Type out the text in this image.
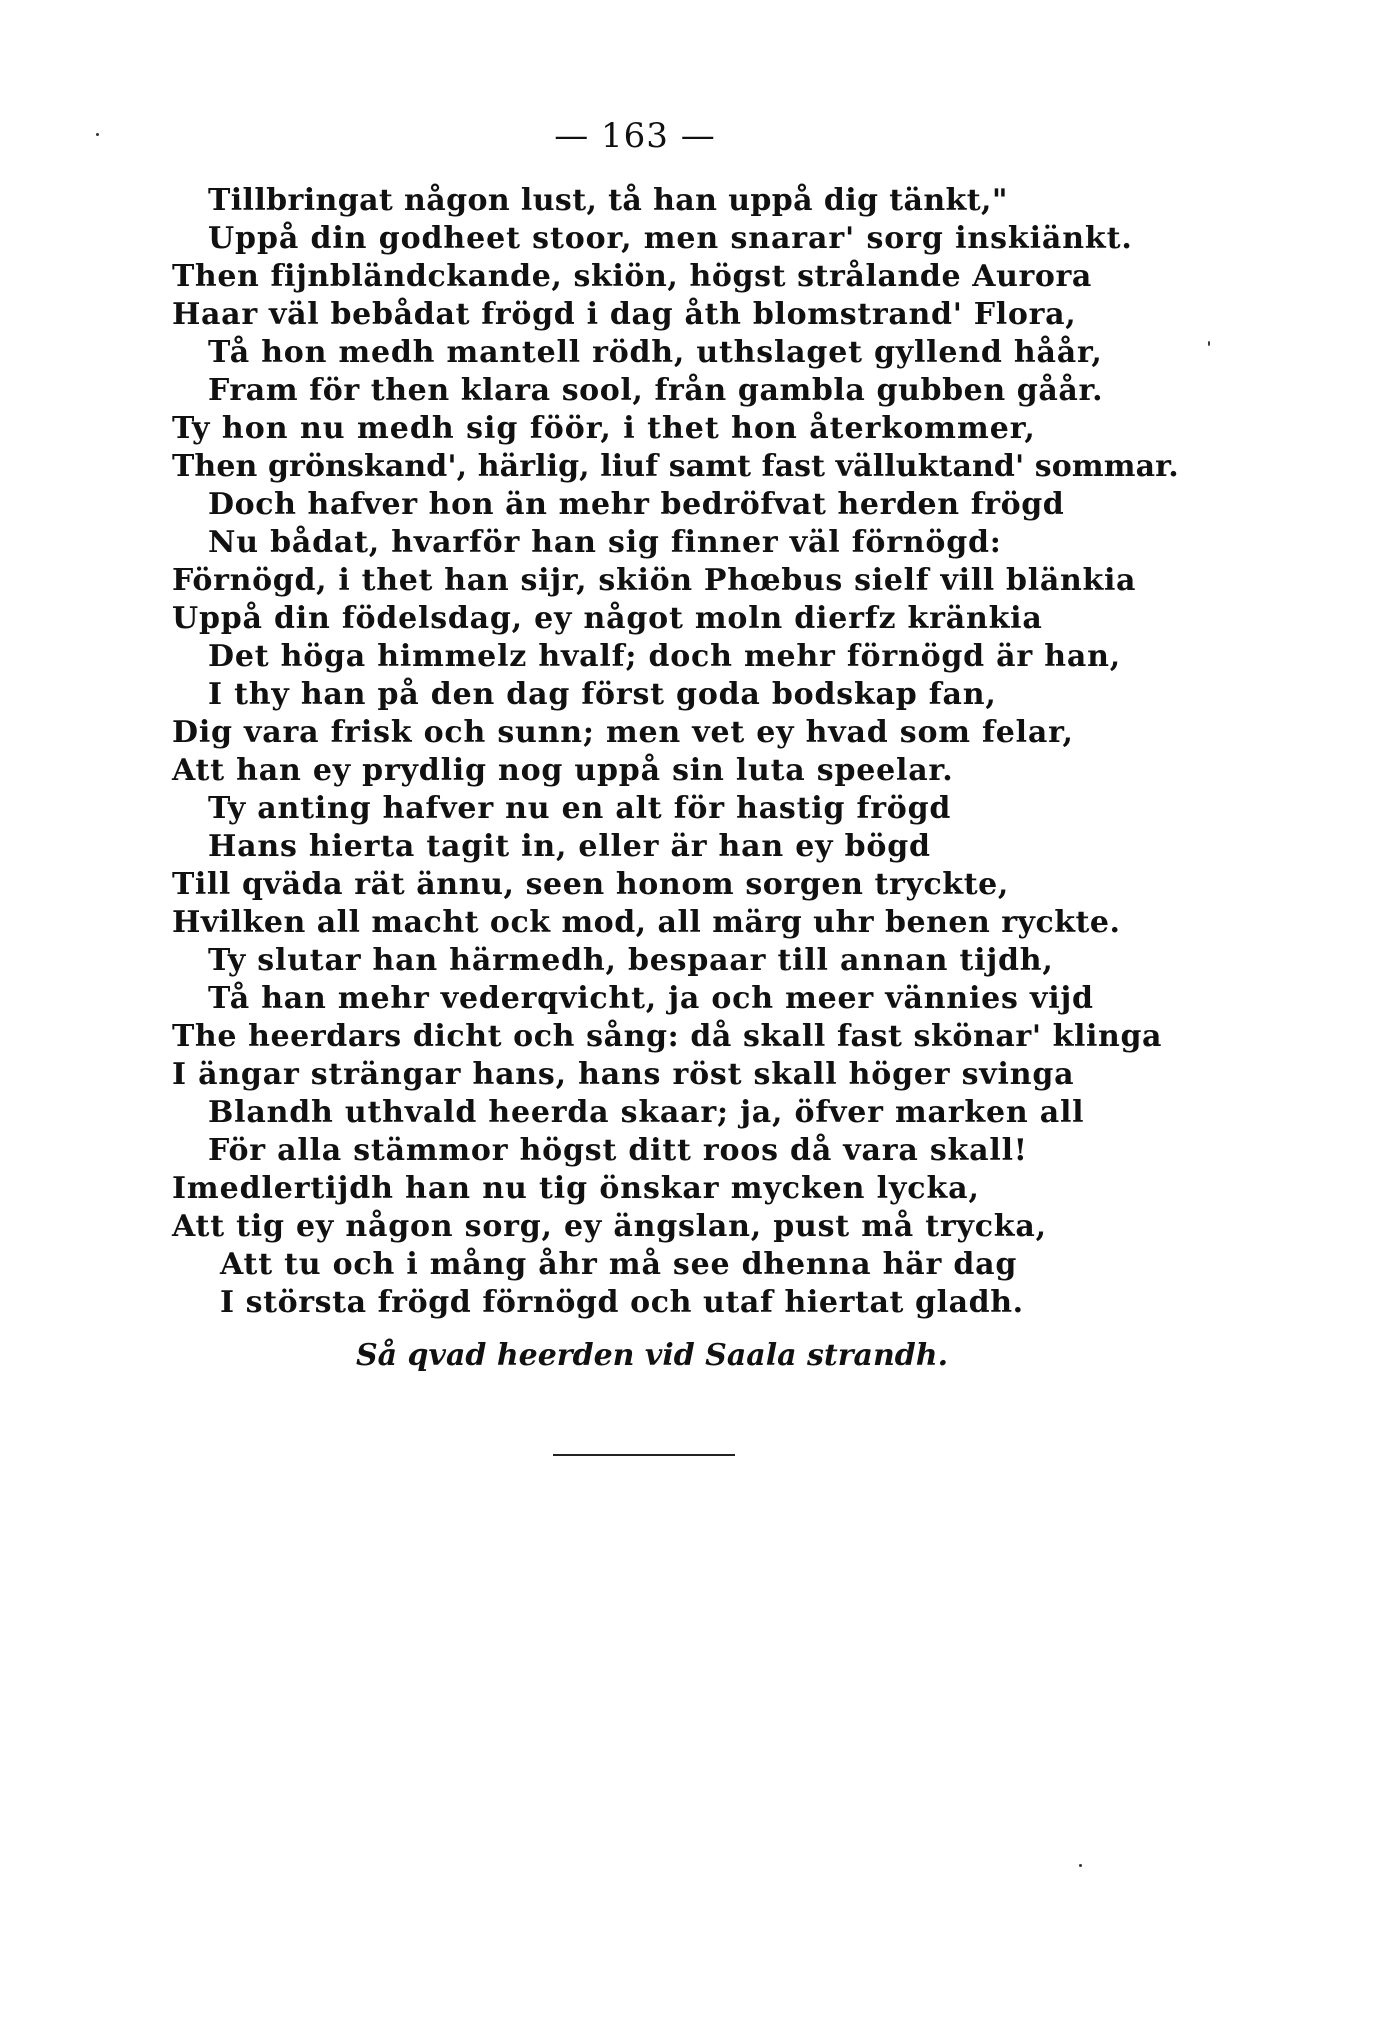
— 163 —
Tillbringat någon lust, tå han uppå dig tänkt,"
Uppå din godheet stoor, men snarar' sorg inskiänkt.
Then fijnbländckande, skiön, högst strålande Aurora
Haar väl bebådat frögd i dag åth blomstrand' Flora,
Tå hon medh mantell rödh, uthslaget gyllend håår,
Fram för then klara sool, från gambla gubben gåår.
Ty hon nu medh sig föör, i thet hon återkommer,
Then grönskand', härlig, liuf samt fast välluktand' sommar.
Doch hafver hon än mehr bedröfvat herden frögd
Nu bådat, hvarför han sig finner väl förnögd:
Förnögd, i thet han sijr, skiön Phœbus sielf vill blänkia
Uppå din födelsdag, ey något moln dierfz kränkia
Det höga himmelz hvalf; doch mehr förnögd är han,
I thy han på den dag först goda bodskap fan,
Dig vara frisk och sunn; men vet ey hvad som felar,
Att han ey prydlig nog uppå sin luta speelar.
Ty anting hafver nu en alt för hastig frögd
Hans hierta tagit in, eller är han ey bögd
Till qväda rät ännu, seen honom sorgen tryckte,
Hvilken all macht ock mod, all märg uhr benen ryckte.
Ty slutar han härmedh, bespaar till annan tijdh,
Tå han mehr vederqvicht, ja och meer vännies vijd
The heerdars dicht och sång: då skall fast skönar' klinga
I ängar strängar hans, hans röst skall höger svinga
Blandh uthvald heerda skaar; ja, öfver marken all
För alla stämmor högst ditt roos då vara skall!
Imedlertijdh han nu tig önskar mycken lycka,
Att tig ey någon sorg, ey ängslan, pust må trycka,
Att tu och i mång åhr må see dhenna här dag
I största frögd förnögd och utaf hiertat gladh.
Så qvad heerden vid Saala strandh.
